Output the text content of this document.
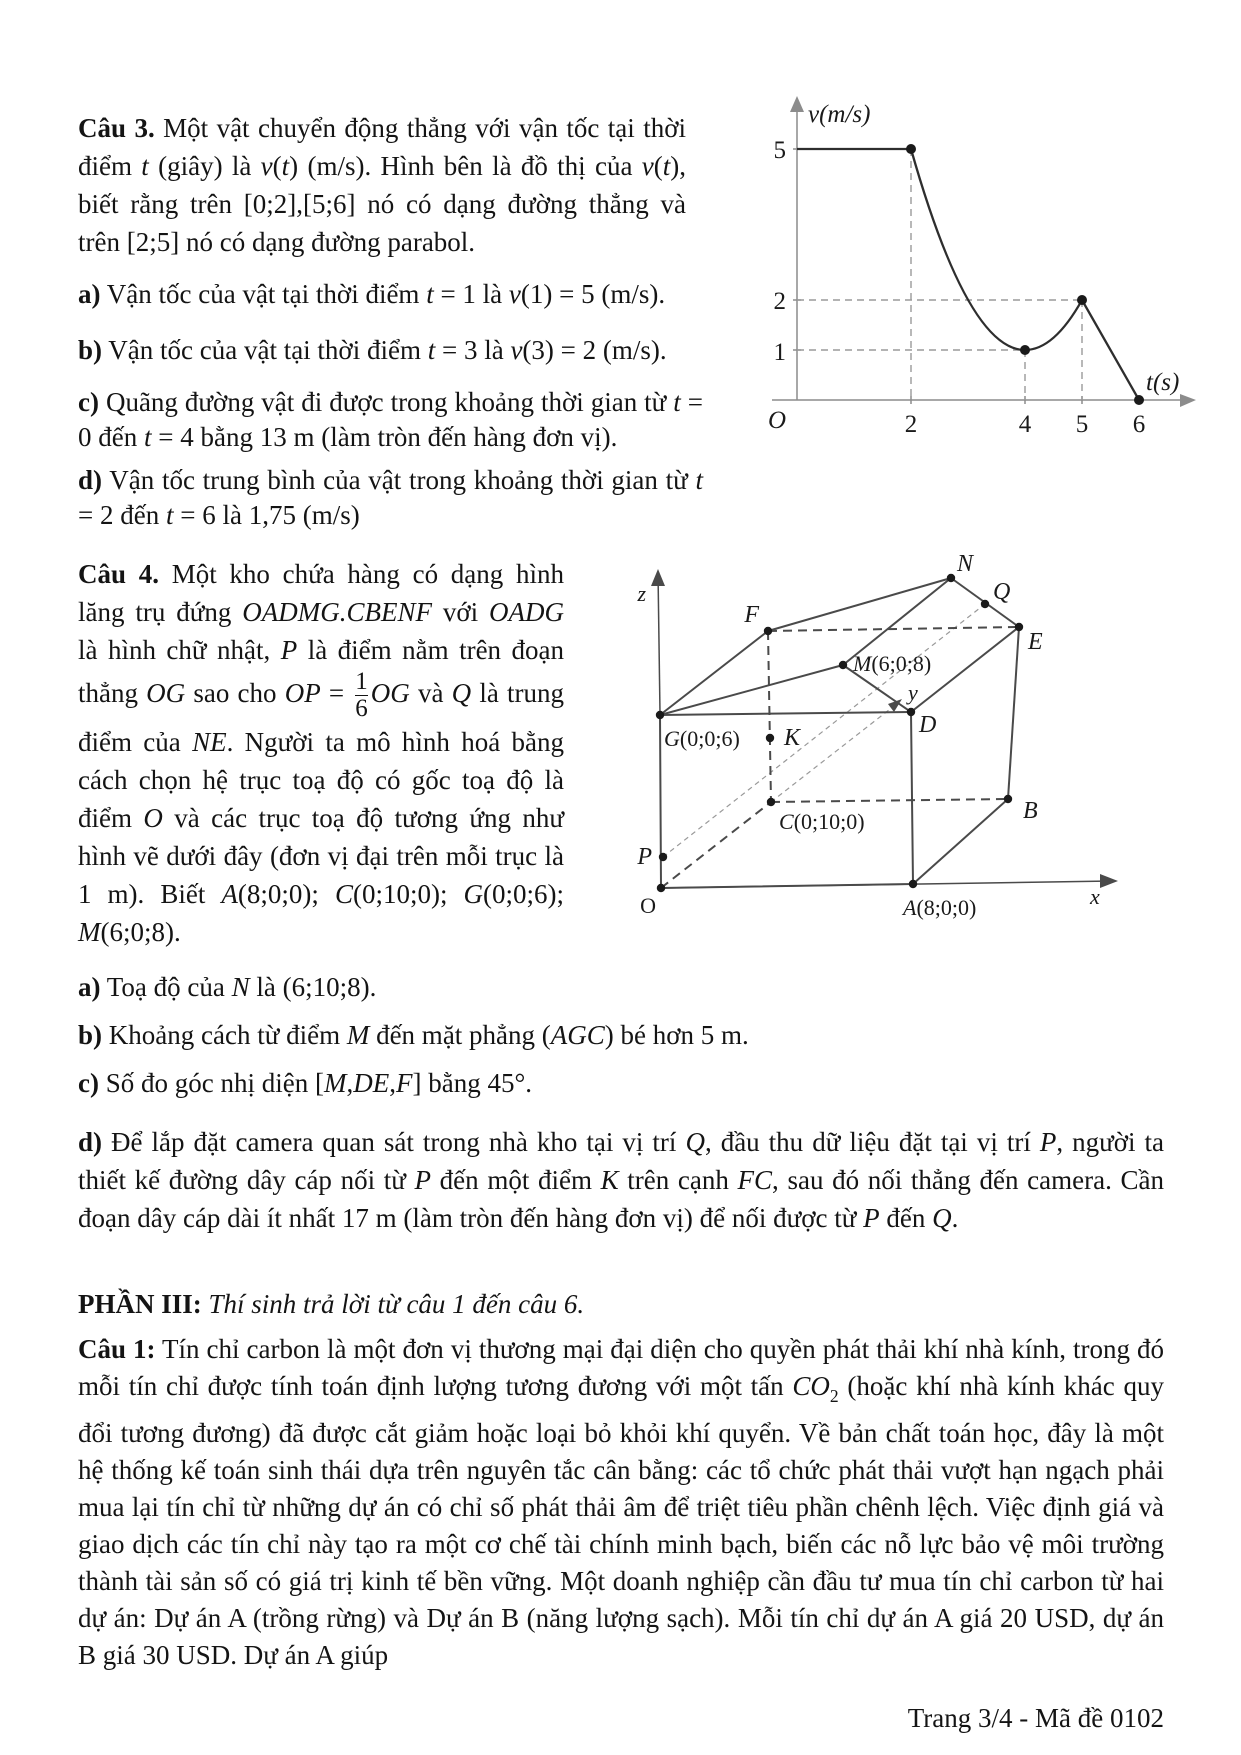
Câu 3. Một vật chuyển động thẳng với vận tốc tại thời điểm t (giây) là v(t) (m/s). Hình bên là đồ thị của v(t), biết rằng trên [0;2],[5;6] nó có dạng đường thẳng và trên [2;5] nó có dạng đường parabol.

a) Vận tốc của vật tại thời điểm t = 1 là v(1) = 5 (m/s).

b) Vận tốc của vật tại thời điểm t = 3 là v(3) = 2 (m/s).

c) Quãng đường vật đi được trong khoảng thời gian từ t = 0 đến t = 4 bằng 13 m (làm tròn đến hàng đơn vị).

d) Vận tốc trung bình của vật trong khoảng thời gian từ t = 2 đến t = 6 là 1,75 (m/s)

v(m/s)
t(s)
O
5
2
1
2	4 5 6

Câu 4. Một kho chứa hàng có dạng hình lăng trụ đứng OADMG.CBENF với OADG là hình chữ nhật, P là điểm nằm trên đoạn thẳng OG sao cho OP = $\frac{1}{6}$ OG và Q là trung điểm của NE. Người ta mô hình hoá bằng cách chọn hệ trục toạ độ có gốc toạ độ là điểm O và các trục toạ độ tương ứng như hình vẽ dưới đây (đơn vị đại trên mỗi trục là 1 m). Biết A(8;0;0); C(0;10;0); G(0;0;6); M(6;0;8).

z
N
Q
F
E
M(6;0;8)
y
D
G(0;0;6) K
C(0;10;0)	B
P
O	A(8;0;0)	x

a) Toạ độ của N là (6;10;8).

b) Khoảng cách từ điểm M đến mặt phẳng (AGC) bé hơn 5 m.

c) Số đo góc nhị diện [M,DE,F] bằng 45°.

d) Để lắp đặt camera quan sát trong nhà kho tại vị trí Q, đầu thu dữ liệu đặt tại vị trí P, người ta thiết kế đường dây cáp nối từ P đến một điểm K trên cạnh FC, sau đó nối thẳng đến camera. Cần đoạn dây cáp dài ít nhất 17 m (làm tròn đến hàng đơn vị) để nối được từ P đến Q.

PHẦN III: Thí sinh trả lời từ câu 1 đến câu 6.

Câu 1: Tín chỉ carbon là một đơn vị thương mại đại diện cho quyền phát thải khí nhà kính, trong đó mỗi tín chỉ được tính toán định lượng tương đương với một tấn $CO_2$ (hoặc khí nhà kính khác quy đổi tương đương) đã được cắt giảm hoặc loại bỏ khỏi khí quyển. Về bản chất toán học, đây là một hệ thống kế toán sinh thái dựa trên nguyên tắc cân bằng: các tổ chức phát thải vượt hạn ngạch phải mua lại tín chỉ từ những dự án có chỉ số phát thải âm để triệt tiêu phần chênh lệch. Việc định giá và giao dịch các tín chỉ này tạo ra một cơ chế tài chính minh bạch, biến các nỗ lực bảo vệ môi trường thành tài sản số có giá trị kinh tế bền vững. Một doanh nghiệp cần đầu tư mua tín chỉ carbon từ hai dự án: Dự án A (trồng rừng) và Dự án B (năng lượng sạch). Mỗi tín chỉ dự án A giá 20 USD, dự án B giá 30 USD. Dự án A giúp

Trang 3/4 - Mã đề 0102
